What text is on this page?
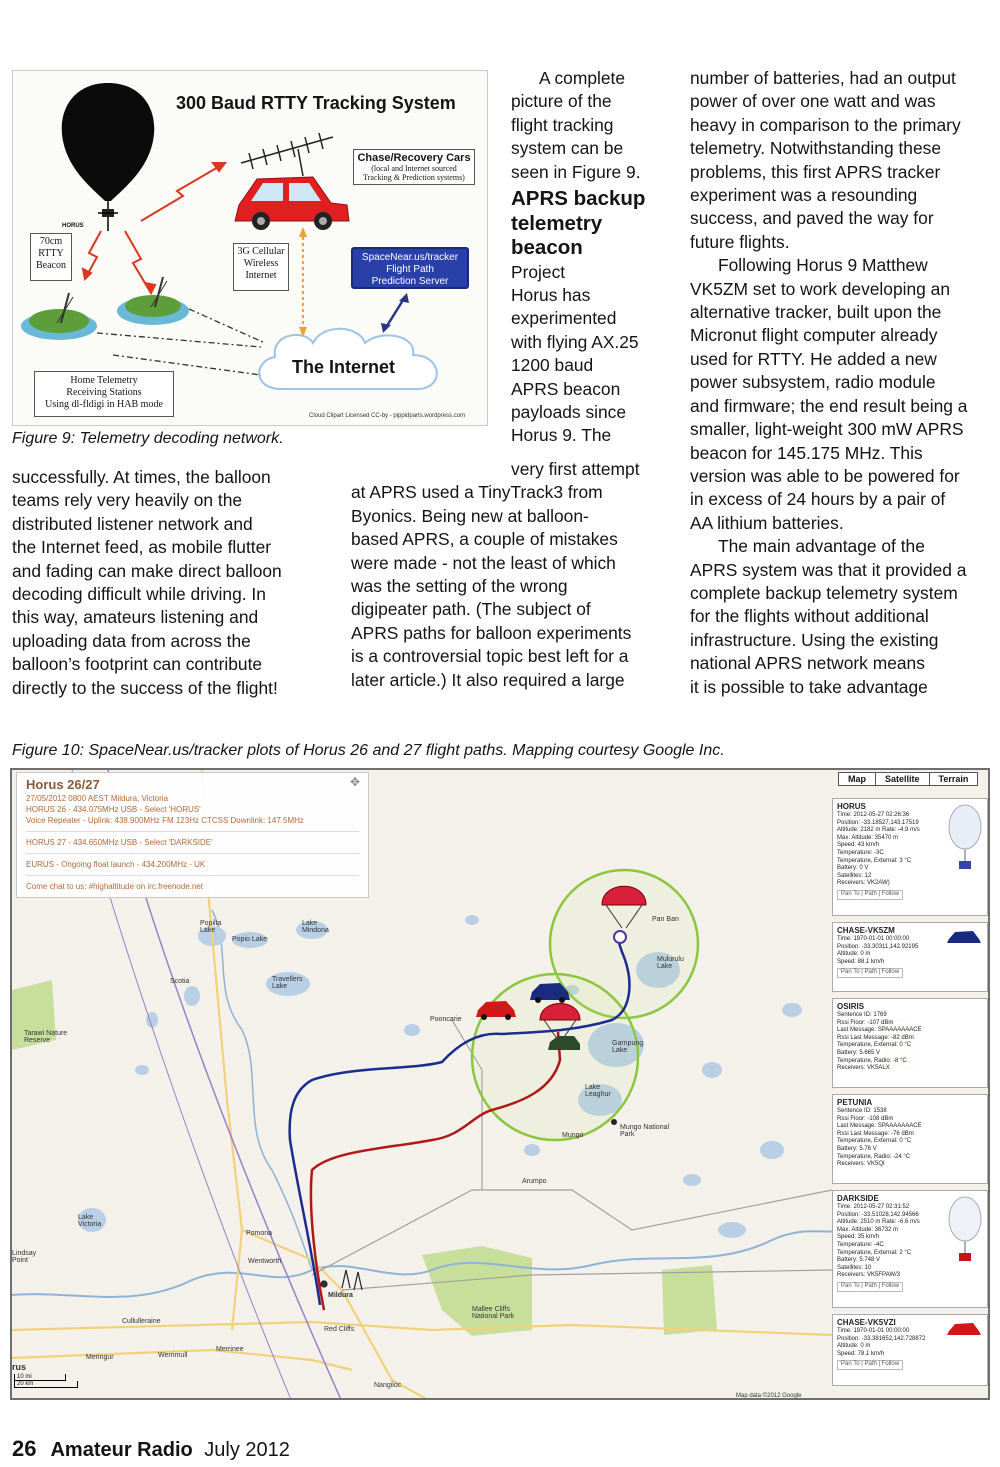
300 Baud RTTY Tracking System
HORUS
Chase/Recovery Cars
(local and Internet sourced Tracking & Prediction systems)
70cm
RTTY
Beacon
3G Cellular
Wireless
Internet
SpaceNear.us/tracker
Flight Path
Prediction Server
Home Telemetry
Receiving Stations
Using dl-fldigi in HAB mode
The Internet
Cloud Clipart Licensed CC-by - pippidparts.wordpress.com
Figure 9: Telemetry decoding network.

A complete
picture of the
flight tracking
system can be
seen in Figure 9.

APRS backup
telemetry
beacon

Project
Horus has
experimented
with flying AX.25
1200 baud
APRS beacon
payloads since
Horus 9. The

very first attempt
at APRS used a TinyTrack3 from
Byonics. Being new at balloon-
based APRS, a couple of mistakes
were made - not the least of which
was the setting of the wrong
digipeater path. (The subject of
APRS paths for balloon experiments
is a controversial topic best left for a
later article.) It also required a large

successfully. At times, the balloon
teams rely very heavily on the
distributed listener network and
the Internet feed, as mobile flutter
and fading can make direct balloon
decoding difficult while driving. In
this way, amateurs listening and
uploading data from across the
balloon’s footprint can contribute
directly to the success of the flight!

number of batteries, had an output
power of over one watt and was
heavy in comparison to the primary
telemetry. Notwithstanding these
problems, this first APRS tracker
experiment was a resounding
success, and paved the way for
future flights.

Following Horus 9 Matthew
VK5ZM set to work developing an
alternative tracker, built upon the
Micronut flight computer already
used for RTTY. He added a new
power subsystem, radio module
and firmware; the end result being a
smaller, light-weight 300 mW APRS
beacon for 145.175 MHz. This
version was able to be powered for
in excess of 24 hours by a pair of
AA lithium batteries.

The main advantage of the
APRS system was that it provided a
complete backup telemetry system
for the flights without additional
infrastructure. Using the existing
national APRS network means
it is possible to take advantage

Figure 10: SpaceNear.us/tracker plots of Horus 26 and 27 flight paths. Mapping courtesy Google Inc.
Horus 26/27
27/05/2012 0800 AEST Mildura, Victoria
HORUS 26 - 434.075MHz USB - Select 'HORUS'
Voice Repeater - Uplink: 438.900MHz FM 123Hz CTCSS Downlink: 147.5MHz
HORUS 27 - 434.650MHz USB - Select 'DARKSIDE'
EURUS - Ongoing float launch - 434.200MHz - UK
Come chat to us: #highaltitude on irc.freenode.net
✥	Map	Satellite	Terrain
Pan Ban
Mulurulu Lake
Scotia
Tarawi Nature Reserve
Pooncarie
Garnpung Lake
Lake Leaghur
Mungo
Mungo National Park
Arumpo
Pomona
Wentworth
Mildura
Red Cliffs
Mallee Cliffs National Park
Cullulleraine
Meringur	Werrimull
Merrinee
Nangiloc
Lake Victoria
Lindsay Point
Popilta Lake
Popio Lake
Travellers Lake
Lake Mindona
rus
10 mi
20 km
Map data ©2012 Google
HORUS
Time: 2012-05-27 02:26:36
Position: -33.18527,143.17519
Altitude: 2182 m Rate: -4.9 m/s
Max. Altitude: 35470 m
Speed: 43 km/h
Temperature: -3C
Temperature, External: 3 °C
Battery: 0 V
Satellites: 12
Receivers: VK2AW)
Pan To | Path | Follow
CHASE-VK5ZM
Time: 1970-01-01 00:00:00
Position: -33.30311,142.92195
Altitude: 0 m
Speed: 88.1 km/h
Pan To | Path | Follow
OSIRIS
Sentence ID: 1769
Rssi Floor: -107 dBm
Last Message: SPAAAAAAACE
Rssi Last Message: -82 dBm
Temperature, External: 0 °C
Battery: 5.665 V
Temperature, Radio: -8 °C
Receivers: VK5ALX
PETUNIA
Sentence ID: 1538
Rssi Floor: -108 dBm
Last Message: SPAAAAAAACE
Rssi Last Message: -76 dBm
Temperature, External: 0 °C
Battery: 5.76 V
Temperature, Radio: -24 °C
Receivers: VK5QI
DARKSIDE
Time: 2012-05-27 02:31:52
Position: -33.51028,142.94566
Altitude: 2510 m Rate: -6.6 m/s
Max. Altitude: 36732 m
Speed: 35 km/h
Temperature: -4C
Temperature, External: 2 °C
Battery: 5.748 V
Satellites: 10
Receivers: VK5FPAW/3
Pan To | Path | Follow
CHASE-VK5VZI
Time: 1970-01-01 00:00:00
Position: -33.381652,142.728872
Altitude: 0 m
Speed: 78.1 km/h
Pan To | Path | Follow
26 Amateur Radio July 2012
